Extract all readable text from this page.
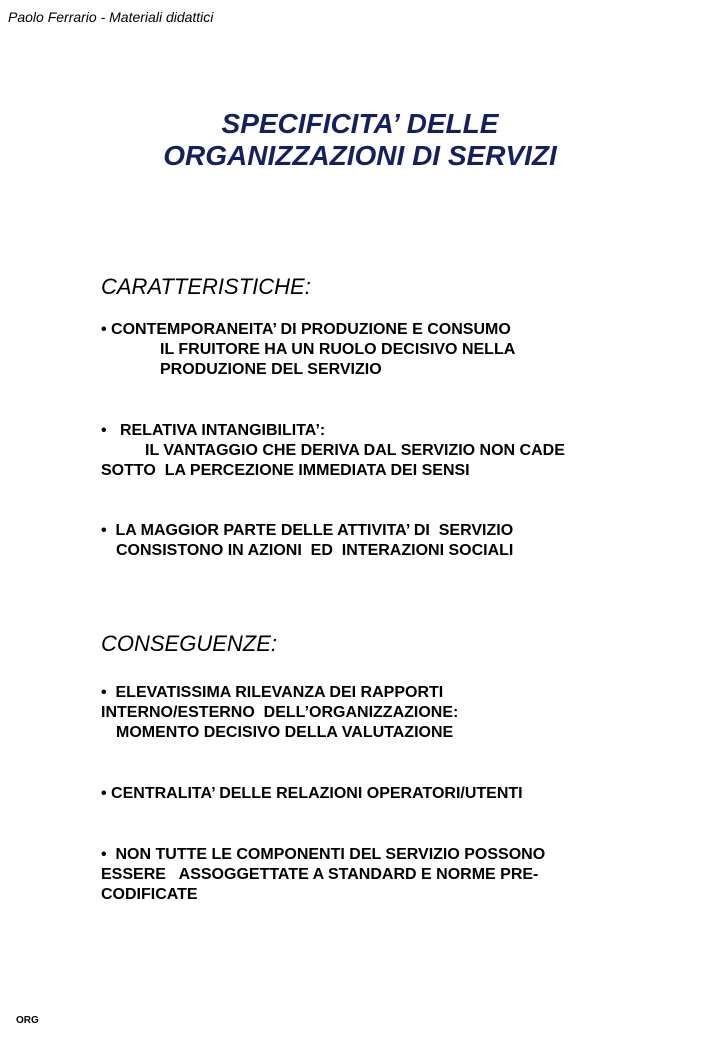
Paolo Ferrario - Materiali didattici
SPECIFICITA’ DELLE
ORGANIZZAZIONI DI SERVIZI
CARATTERISTICHE:
• CONTEMPORANEITA’ DI PRODUZIONE E CONSUMO
IL FRUITORE HA UN RUOLO DECISIVO NELLA
PRODUZIONE DEL SERVIZIO
•   RELATIVA INTANGIBILITA’:
IL VANTAGGIO CHE DERIVA DAL SERVIZIO NON CADE
SOTTO  LA PERCEZIONE IMMEDIATA DEI SENSI
•  LA MAGGIOR PARTE DELLE ATTIVITA’ DI  SERVIZIO
CONSISTONO IN AZIONI  ED  INTERAZIONI SOCIALI
CONSEGUENZE:
•  ELEVATISSIMA RILEVANZA DEI RAPPORTI
INTERNO/ESTERNO  DELL’ORGANIZZAZIONE:
MOMENTO DECISIVO DELLA VALUTAZIONE
• CENTRALITA’ DELLE RELAZIONI OPERATORI/UTENTI
•  NON TUTTE LE COMPONENTI DEL SERVIZIO POSSONO
ESSERE   ASSOGGETTATE A STANDARD E NORME PRE-
CODIFICATE
ORG
